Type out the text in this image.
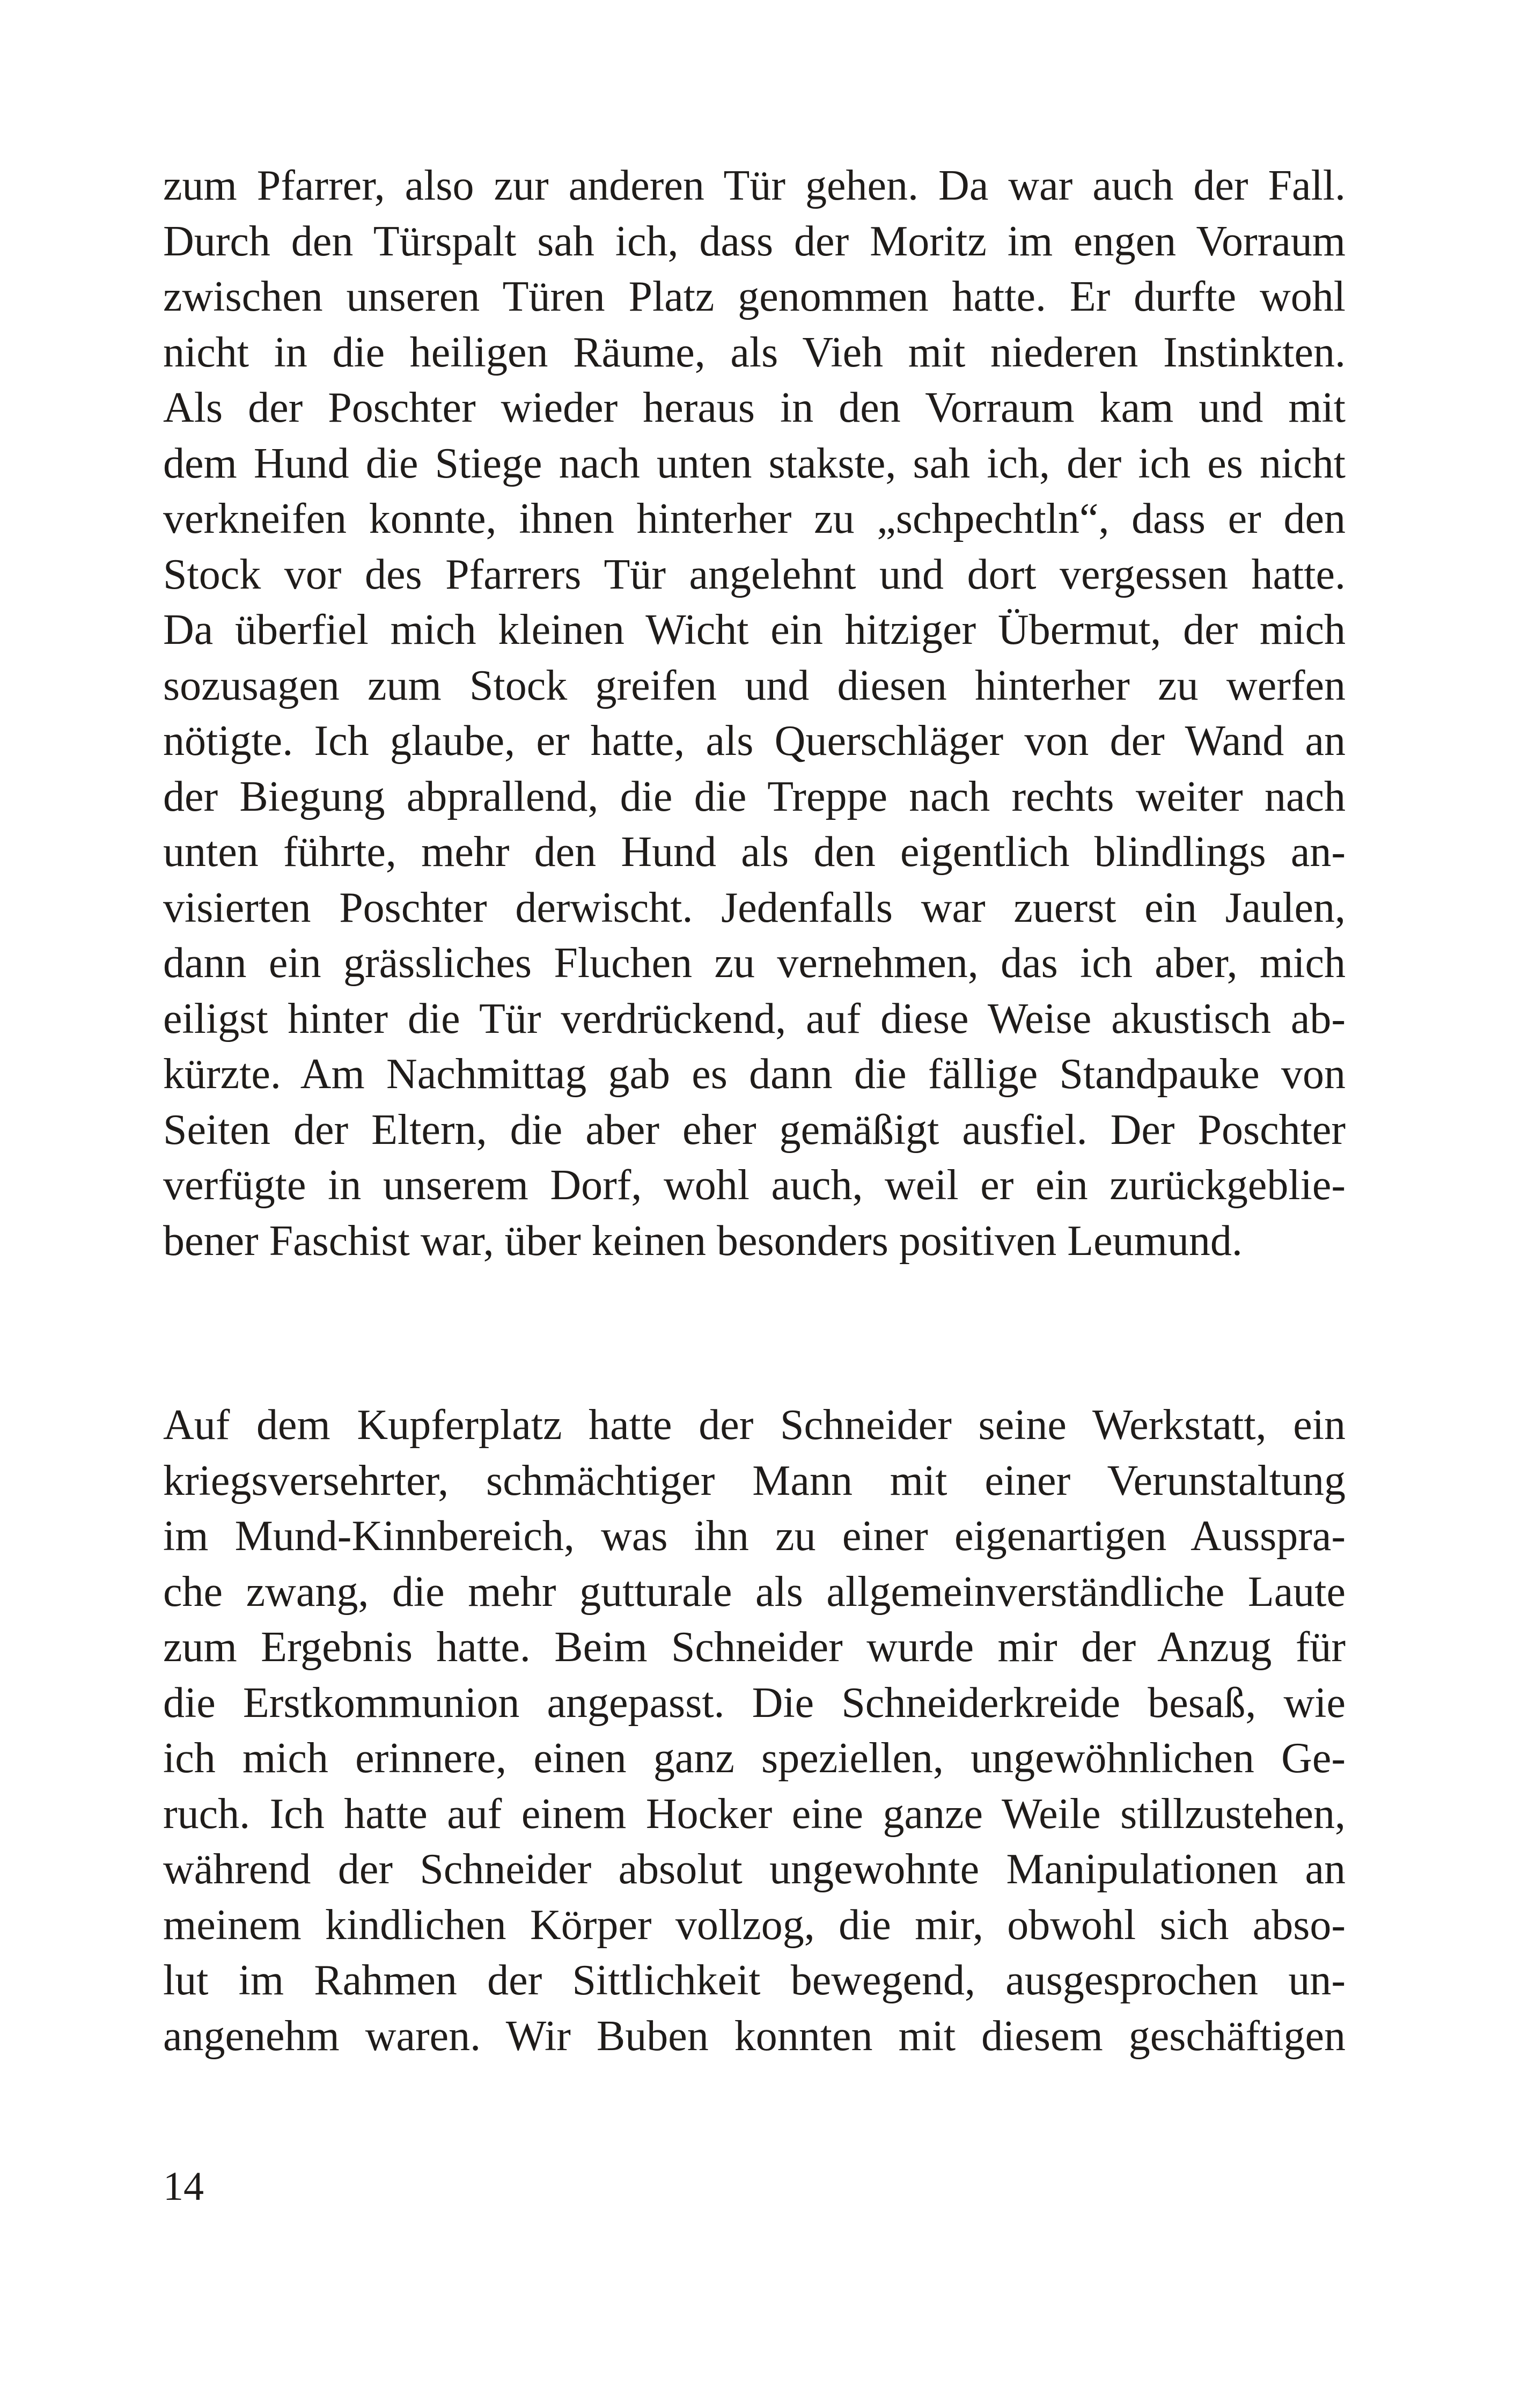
zum Pfarrer, also zur anderen Tür gehen. Da war auch der Fall.
Durch den Türspalt sah ich, dass der Moritz im engen Vorraum
zwischen unseren Türen Platz genommen hatte. Er durfte wohl
nicht in die heiligen Räume, als Vieh mit niederen Instinkten.
Als der Poschter wieder heraus in den Vorraum kam und mit
dem Hund die Stiege nach unten stakste, sah ich, der ich es nicht
verkneifen konnte, ihnen hinterher zu „schpechtln“, dass er den
Stock vor des Pfarrers Tür angelehnt und dort vergessen hatte.
Da überfiel mich kleinen Wicht ein hitziger Übermut, der mich
sozusagen zum Stock greifen und diesen hinterher zu werfen
nötigte. Ich glaube, er hatte, als Querschläger von der Wand an
der Biegung abprallend, die die Treppe nach rechts weiter nach
unten führte, mehr den Hund als den eigentlich blindlings an-
visierten Poschter derwischt. Jedenfalls war zuerst ein Jaulen,
dann ein grässliches Fluchen zu vernehmen, das ich aber, mich
eiligst hinter die Tür verdrückend, auf diese Weise akustisch ab-
kürzte. Am Nachmittag gab es dann die fällige Standpauke von
Seiten der Eltern, die aber eher gemäßigt ausfiel. Der Poschter
verfügte in unserem Dorf, wohl auch, weil er ein zurückgeblie-
bener Faschist war, über keinen besonders positiven Leumund.
Auf dem Kupferplatz hatte der Schneider seine Werkstatt, ein
kriegsversehrter, schmächtiger Mann mit einer Verunstaltung
im Mund-Kinnbereich, was ihn zu einer eigenartigen Ausspra-
che zwang, die mehr gutturale als allgemeinverständliche Laute
zum Ergebnis hatte. Beim Schneider wurde mir der Anzug für
die Erstkommunion angepasst. Die Schneiderkreide besaß, wie
ich mich erinnere, einen ganz speziellen, ungewöhnlichen Ge-
ruch. Ich hatte auf einem Hocker eine ganze Weile stillzustehen,
während der Schneider absolut ungewohnte Manipulationen an
meinem kindlichen Körper vollzog, die mir, obwohl sich abso-
lut im Rahmen der Sittlichkeit bewegend, ausgesprochen un-
angenehm waren. Wir Buben konnten mit diesem geschäftigen
14
